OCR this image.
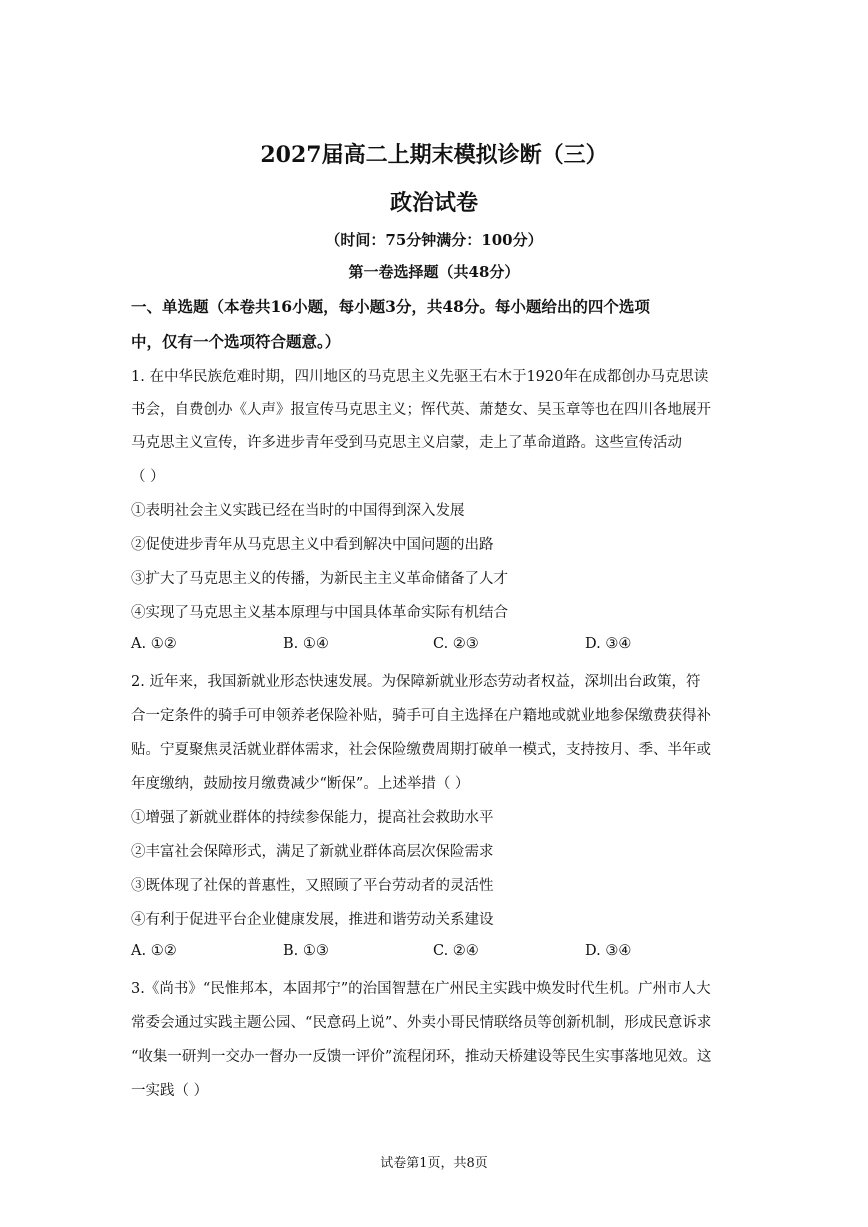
2027届高二上期末模拟诊断（三）
政治试卷
（时间：75分钟满分：100分）
第一卷选择题（共48分）
一、单选题（本卷共16小题，每小题3分，共48分。每小题给出的四个选项
中，仅有一个选项符合题意。）
1. 在中华民族危难时期，四川地区的马克思主义先驱王右木于1920年在成都创办马克思读
书会，自费创办《人声》报宣传马克思主义；恽代英、萧楚女、吴玉章等也在四川各地展开
马克思主义宣传，许多进步青年受到马克思主义启蒙，走上了革命道路。这些宣传活动
（ ）
①表明社会主义实践已经在当时的中国得到深入发展
②促使进步青年从马克思主义中看到解决中国问题的出路
③扩大了马克思主义的传播，为新民主主义革命储备了人才
④实现了马克思主义基本原理与中国具体革命实际有机结合
A. ①②	B. ①④	C. ②③	D. ③④
2. 近年来，我国新就业形态快速发展。为保障新就业形态劳动者权益，深圳出台政策，符
合一定条件的骑手可申领养老保险补贴，骑手可自主选择在户籍地或就业地参保缴费获得补
贴。宁夏聚焦灵活就业群体需求，社会保险缴费周期打破单一模式，支持按月、季、半年或
年度缴纳，鼓励按月缴费减少“断保”。上述举措（ ）
①增强了新就业群体的持续参保能力，提高社会救助水平
②丰富社会保障形式，满足了新就业群体高层次保险需求
③既体现了社保的普惠性，又照顾了平台劳动者的灵活性
④有利于促进平台企业健康发展，推进和谐劳动关系建设
A. ①②	B. ①③	C. ②④	D. ③④
3.《尚书》“民惟邦本，本固邦宁”的治国智慧在广州民主实践中焕发时代生机。广州市人大
常委会通过实践主题公园、“民意码上说”、外卖小哥民情联络员等创新机制，形成民意诉求
“收集一研判一交办一督办一反馈一评价”流程闭环，推动天桥建设等民生实事落地见效。这
一实践（ ）
试卷第1页，共8页
